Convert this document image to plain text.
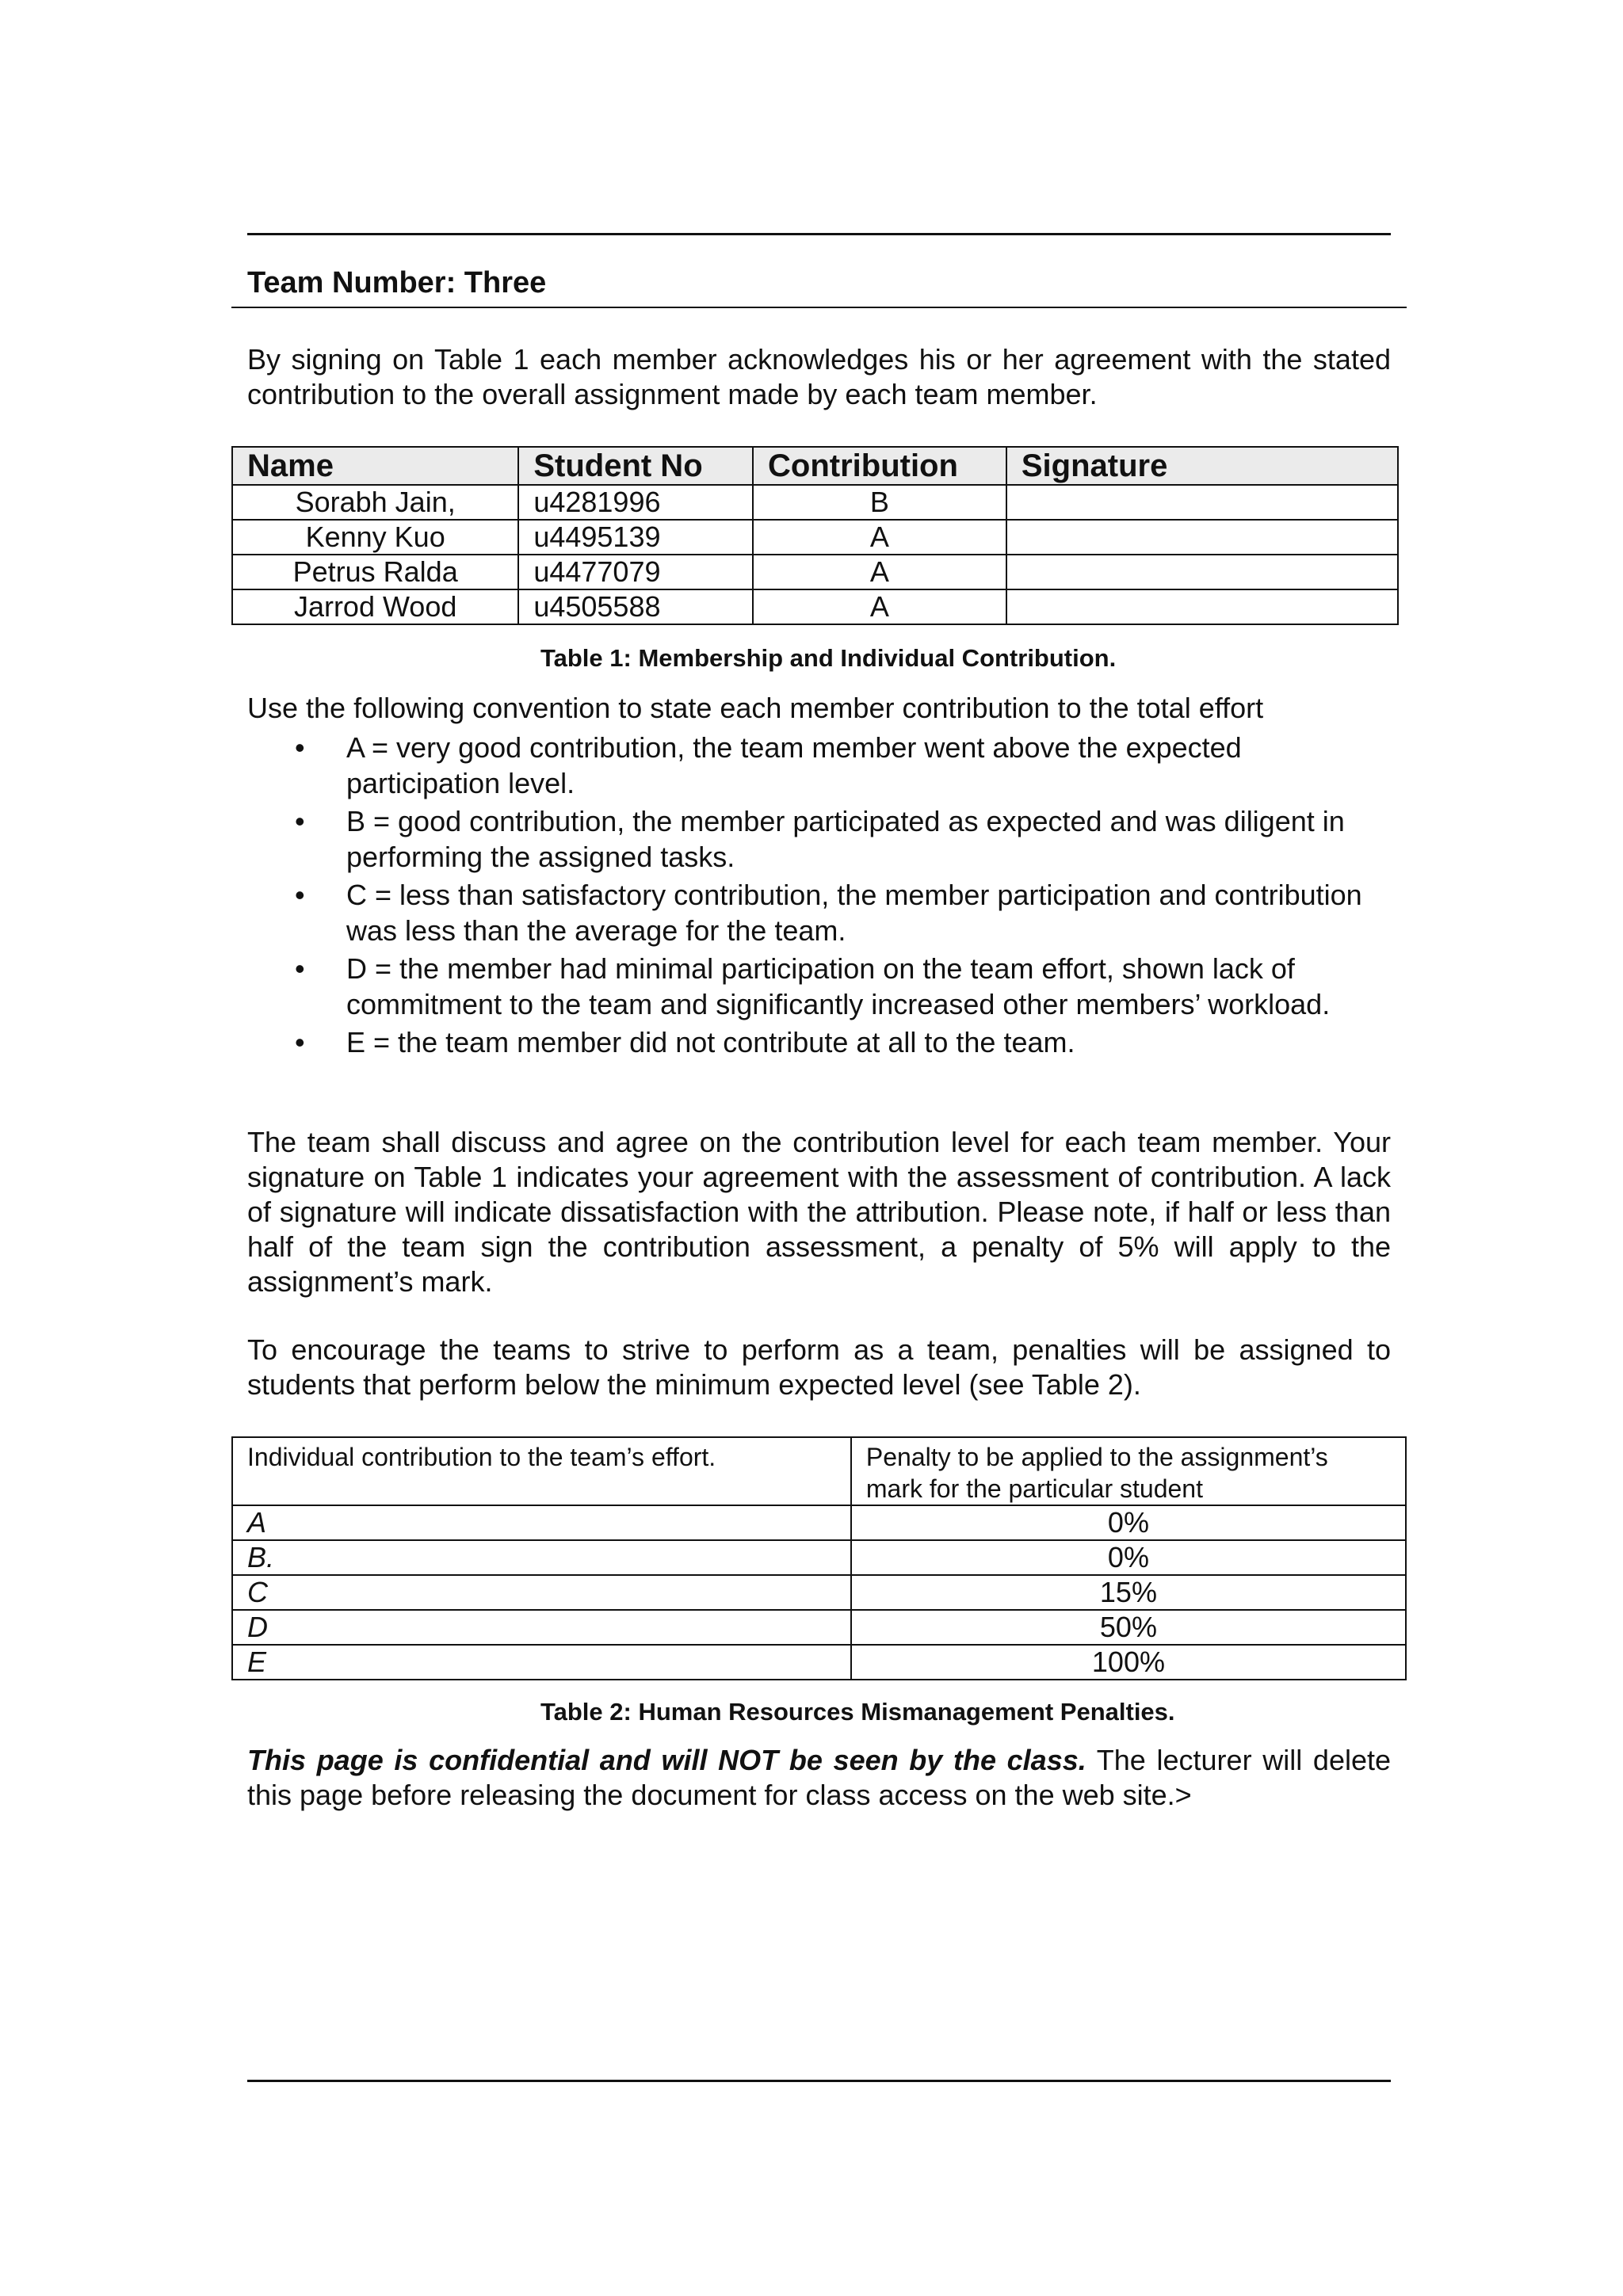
Team Number: Three
By signing on Table 1 each member acknowledges his or her agreement with the stated contribution to the overall assignment made by each team member.
Name	Student No	Contribution	Signature
Sorabh Jain,	u4281996	B	
Kenny Kuo	u4495139	A	
Petrus Ralda	u4477079	A	
Jarrod Wood	u4505588	A	
Table 1: Membership and Individual Contribution.
Use the following convention to state each member contribution to the total effort
• A = very good contribution, the team member went above the expected participation level.
• B = good contribution, the member participated as expected and was diligent in performing the assigned tasks.
• C = less than satisfactory contribution, the member participation and contribution was less than the average for the team.
• D = the member had minimal participation on the team effort, shown lack of commitment to the team and significantly increased other members’ workload.
• E = the team member did not contribute at all to the team.
The team shall discuss and agree on the contribution level for each team member. Your signature on Table 1 indicates your agreement with the assessment of contribution. A lack of signature will indicate dissatisfaction with the attribution. Please note, if half or less than half of the team sign the contribution assessment, a penalty of 5% will apply to the assignment’s mark.
To encourage the teams to strive to perform as a team, penalties will be assigned to students that perform below the minimum expected level (see Table 2).
Individual contribution to the team’s effort.	Penalty to be applied to the assignment’s mark for the particular student
A	0%
B.	0%
C	15%
D	50%
E	100%
Table 2: Human Resources Mismanagement Penalties.
This page is confidential and will NOT be seen by the class. The lecturer will delete this page before releasing the document for class access on the web site.>
